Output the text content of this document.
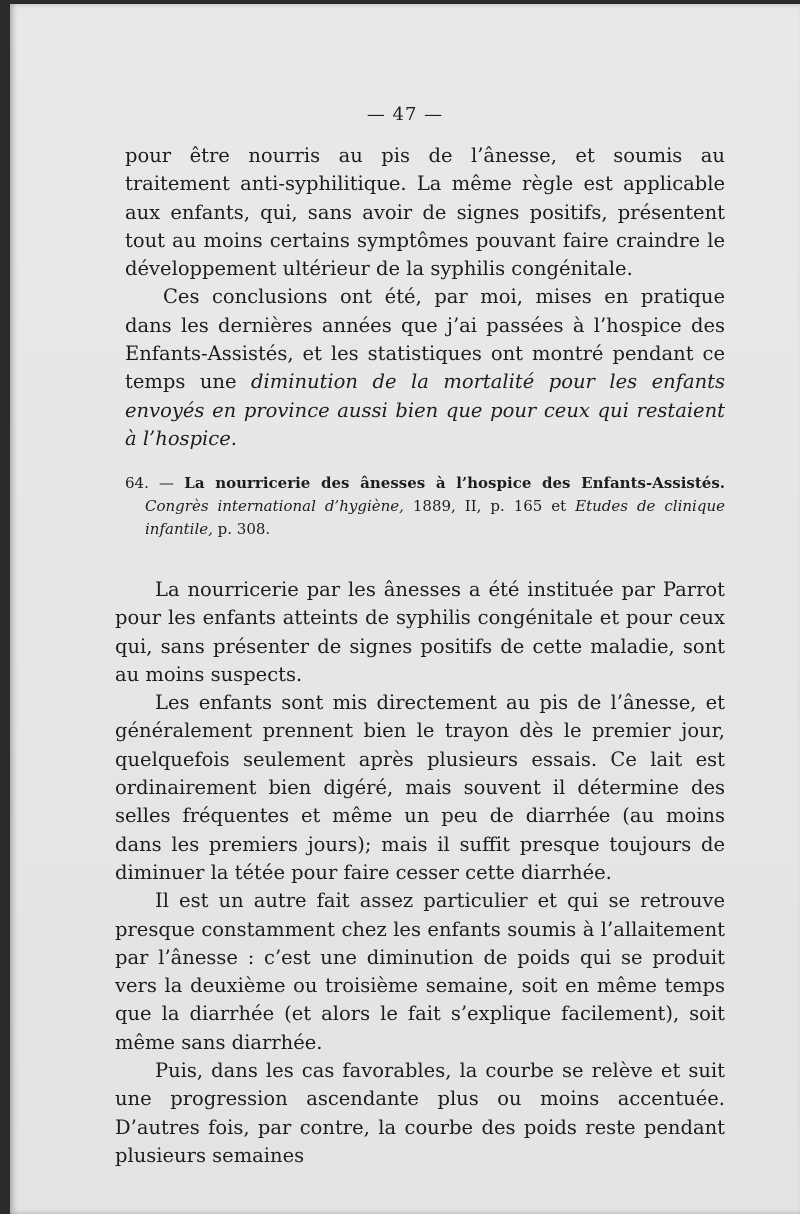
— 47 —

pour être nourris au pis de l’ânesse, et soumis au traitement anti-syphilitique. La même règle est applicable aux enfants, qui, sans avoir de signes positifs, présentent tout au moins certains symptômes pouvant faire craindre le développement ultérieur de la syphilis congénitale.

Ces conclusions ont été, par moi, mises en pratique dans les dernières années que j’ai passées à l’hospice des Enfants-Assistés, et les statistiques ont montré pendant ce temps une diminution de la mortalité pour les enfants envoyés en province aussi bien que pour ceux qui restaient à l’hospice.

64. — La nourricerie des ânesses à l’hospice des Enfants-Assistés. Congrès international d’hygiène, 1889, II, p. 165 et Etudes de clinique infantile, p. 308.

La nourricerie par les ânesses a été instituée par Parrot pour les enfants atteints de syphilis congénitale et pour ceux qui, sans présenter de signes positifs de cette maladie, sont au moins suspects.

Les enfants sont mis directement au pis de l’ânesse, et généralement prennent bien le trayon dès le premier jour, quelquefois seulement après plusieurs essais. Ce lait est ordinairement bien digéré, mais souvent il détermine des selles fréquentes et même un peu de diarrhée (au moins dans les premiers jours); mais il suffit presque toujours de diminuer la tétée pour faire cesser cette diarrhée.

Il est un autre fait assez particulier et qui se retrouve presque constamment chez les enfants soumis à l’allaitement par l’ânesse : c’est une diminution de poids qui se produit vers la deuxième ou troisième semaine, soit en même temps que la diarrhée (et alors le fait s’explique facilement), soit même sans diarrhée.

Puis, dans les cas favorables, la courbe se relève et suit une progression ascendante plus ou moins accentuée. D’autres fois, par contre, la courbe des poids reste pendant plusieurs semaines
